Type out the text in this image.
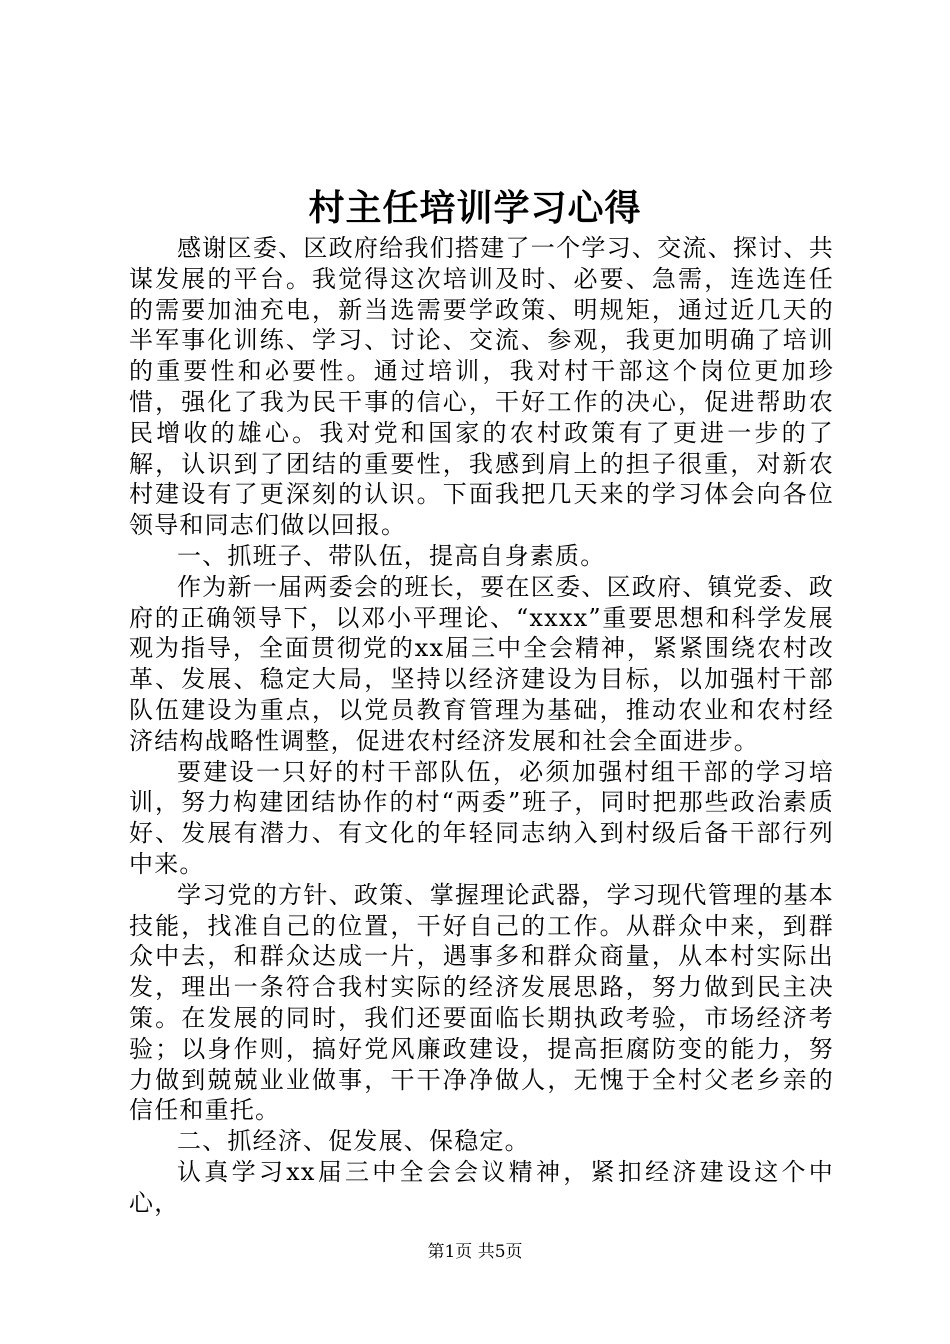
村主任培训学习心得

感谢区委、区政府给我们搭建了一个学习、交流、探讨、共谋发展的平台。我觉得这次培训及时、必要、急需，连选连任的需要加油充电，新当选需要学政策、明规矩，通过近几天的半军事化训练、学习、讨论、交流、参观，我更加明确了培训的重要性和必要性。通过培训，我对村干部这个岗位更加珍惜，强化了我为民干事的信心，干好工作的决心，促进帮助农民增收的雄心。我对党和国家的农村政策有了更进一步的了解，认识到了团结的重要性，我感到肩上的担子很重，对新农村建设有了更深刻的认识。下面我把几天来的学习体会向各位领导和同志们做以回报。

一、抓班子、带队伍，提高自身素质。

作为新一届两委会的班长，要在区委、区政府、镇党委、政府的正确领导下，以邓小平理论、“xxxx”重要思想和科学发展观为指导，全面贯彻党的xx届三中全会精神，紧紧围绕农村改革、发展、稳定大局，坚持以经济建设为目标，以加强村干部队伍建设为重点，以党员教育管理为基础，推动农业和农村经济结构战略性调整，促进农村经济发展和社会全面进步。

要建设一只好的村干部队伍，必须加强村组干部的学习培训，努力构建团结协作的村“两委”班子，同时把那些政治素质好、发展有潜力、有文化的年轻同志纳入到村级后备干部行列中来。

学习党的方针、政策、掌握理论武器，学习现代管理的基本技能，找准自己的位置，干好自己的工作。从群众中来，到群众中去，和群众达成一片，遇事多和群众商量，从本村实际出发，理出一条符合我村实际的经济发展思路，努力做到民主决策。在发展的同时，我们还要面临长期执政考验，市场经济考验；以身作则，搞好党风廉政建设，提高拒腐防变的能力，努力做到兢兢业业做事，干干净净做人，无愧于全村父老乡亲的信任和重托。

二、抓经济、促发展、保稳定。

认真学习xx届三中全会会议精神，紧扣经济建设这个中心，

第1页 共5页
